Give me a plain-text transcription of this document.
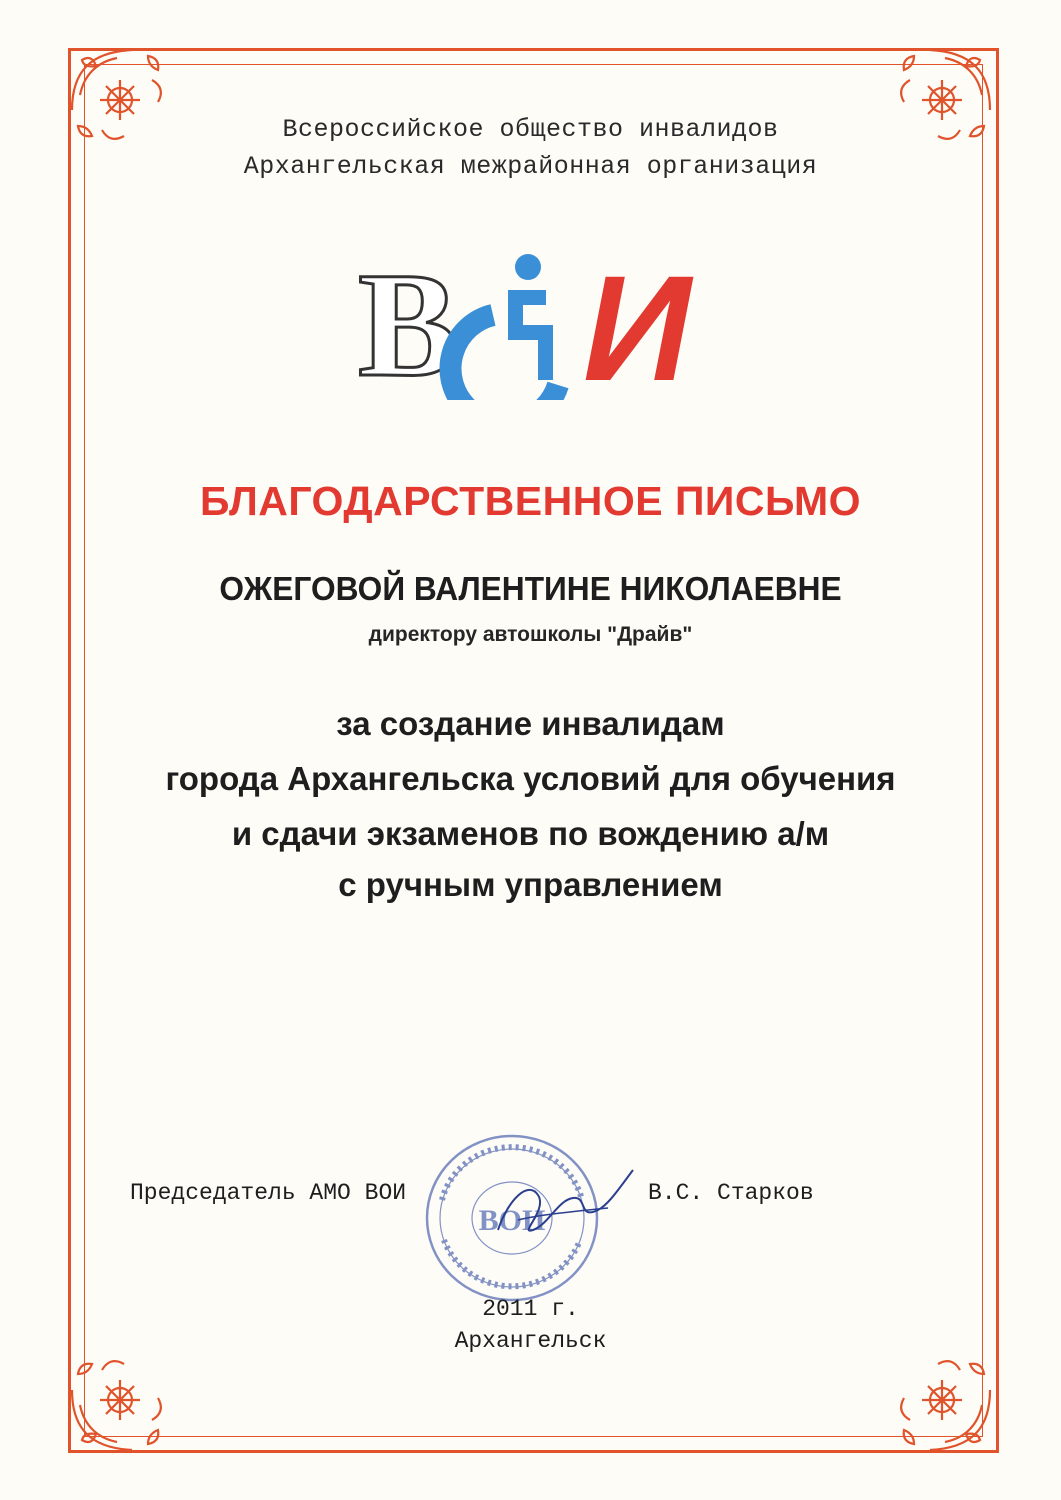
Всероссийское общество инвалидов
Архангельская межрайонная организация
В И
БЛАГОДАРСТВЕННОЕ ПИСЬМО
ОЖЕГОВОЙ ВАЛЕНТИНЕ НИКОЛАЕВНЕ
директору автошколы "Драйв"
за создание инвалидам
города Архангельска условий для обучения
и сдачи экзаменов по вождению а/м
с ручным управлением
ВОИ
Председатель АМО ВОИ	В.С. Старков
2011 г.
Архангельск
